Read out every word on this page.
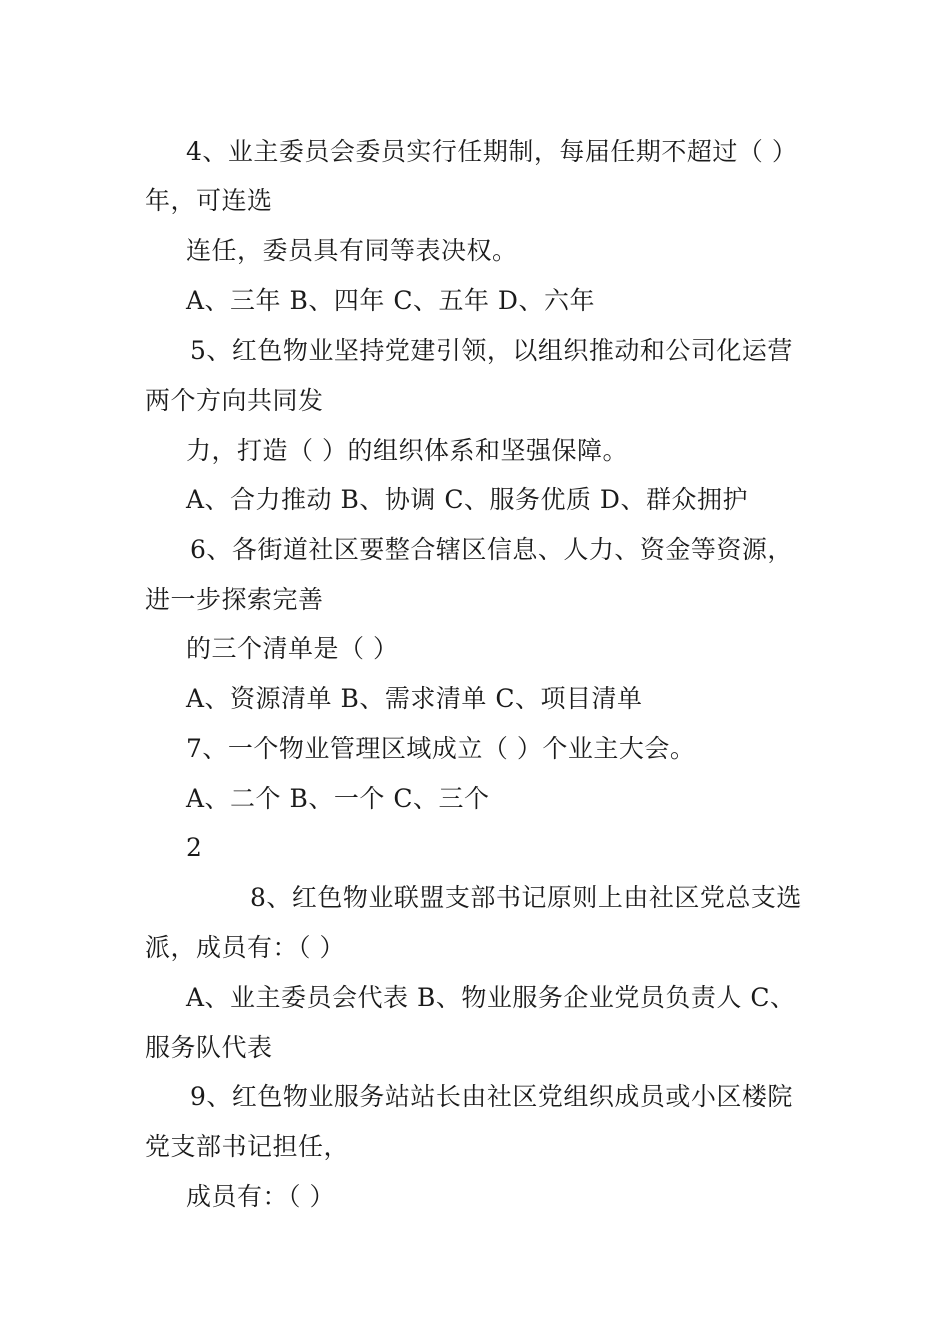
4、业主委员会委员实行任期制，每届任期不超过（ ）
年，可连选
连任，委员具有同等表决权。
A、三年 B、四年 C、五年 D、六年
5、红色物业坚持党建引领，以组织推动和公司化运营
两个方向共同发
力，打造（ ）的组织体系和坚强保障。
A、合力推动 B、协调 C、服务优质 D、群众拥护
6、各街道社区要整合辖区信息、人力、资金等资源，
进一步探索完善
的三个清单是（ ）
A、资源清单 B、需求清单 C、项目清单
7、一个物业管理区域成立（ ）个业主大会。
A、二个 B、一个 C、三个
2
8、红色物业联盟支部书记原则上由社区党总支选
派，成员有：（ ）
A、业主委员会代表 B、物业服务企业党员负责人 C、
服务队代表
9、红色物业服务站站长由社区党组织成员或小区楼院
党支部书记担任，
成员有：（ ）
